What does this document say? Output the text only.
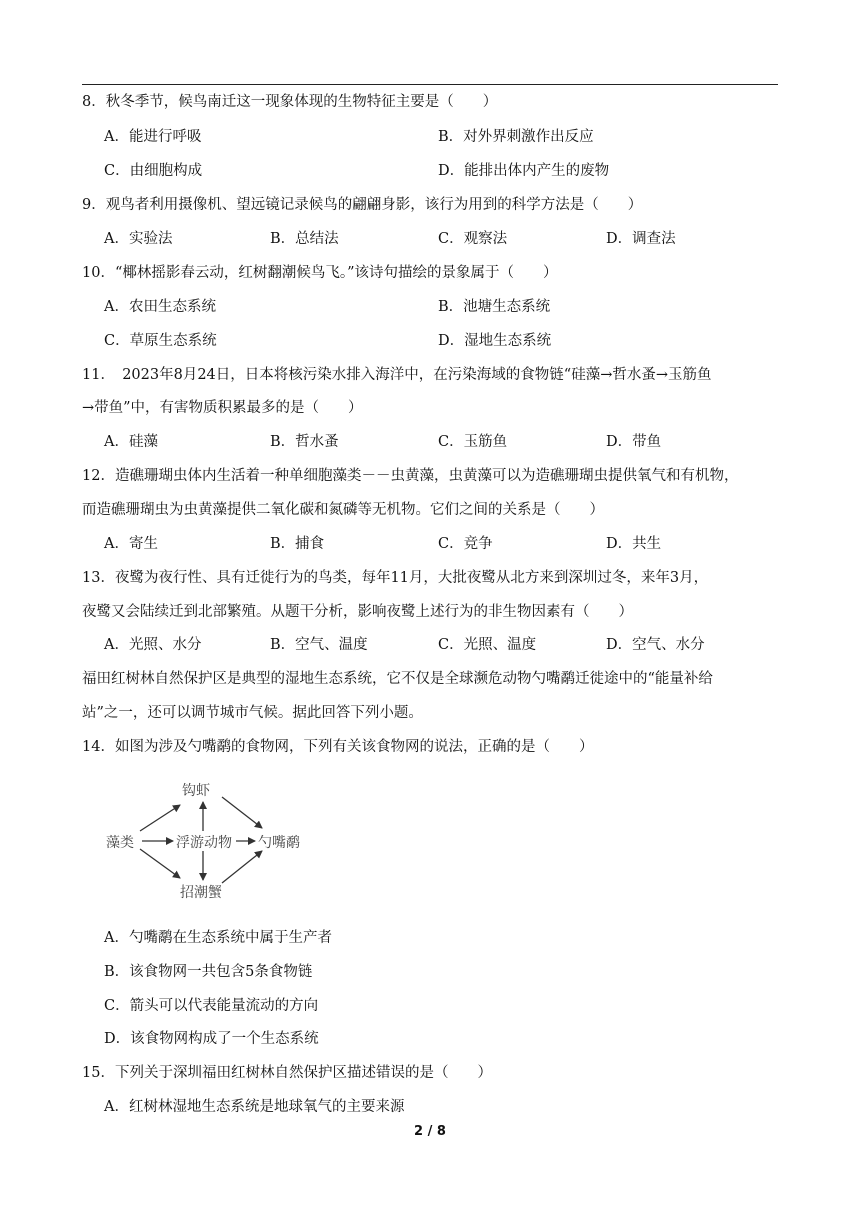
8．秋冬季节，候鸟南迁这一现象体现的生物特征主要是（　　）
A．能进行呼吸	B．对外界刺激作出反应
C．由细胞构成	D．能排出体内产生的废物
9．观鸟者利用摄像机、望远镜记录候鸟的翩翩身影，该行为用到的科学方法是（　　）
A．实验法	B．总结法	C．观察法	D．调查法
10．“椰林摇影春云动，红树翻潮候鸟飞。”该诗句描绘的景象属于（　　）
A．农田生态系统	B．池塘生态系统
C．草原生态系统	D．湿地生态系统
11．　2023年8月24日，日本将核污染水排入海洋中，在污染海域的食物链“硅藻→哲水蚤→玉筋鱼
→带鱼”中，有害物质积累最多的是（　　）
A．硅藻	B．哲水蚤	C．玉筋鱼	D．带鱼
12．造礁珊瑚虫体内生活着一种单细胞藻类－－虫黄藻，虫黄藻可以为造礁珊瑚虫提供氧气和有机物，
而造礁珊瑚虫为虫黄藻提供二氧化碳和氮磷等无机物。它们之间的关系是（　　）
A．寄生	B．捕食	C．竞争	D．共生
13．夜鹭为夜行性、具有迁徙行为的鸟类，每年11月，大批夜鹭从北方来到深圳过冬，来年3月，
夜鹭又会陆续迁到北部繁殖。从题干分析，影响夜鹭上述行为的非生物因素有（　　）
A．光照、水分	B．空气、温度	C．光照、温度	D．空气、水分
福田红树林自然保护区是典型的湿地生态系统，它不仅是全球濒危动物勺嘴鹬迁徙途中的“能量补给
站”之一，还可以调节城市气候。据此回答下列小题。
14．如图为涉及勺嘴鹬的食物网，下列有关该食物网的说法，正确的是（　　）
藻类
钩虾
浮游动物
招潮蟹
勺嘴鹬
A．勺嘴鹬在生态系统中属于生产者
B．该食物网一共包含5条食物链
C．箭头可以代表能量流动的方向
D．该食物网构成了一个生态系统
15．下列关于深圳福田红树林自然保护区描述错误的是（　　）
A．红树林湿地生态系统是地球氧气的主要来源
2 / 8
